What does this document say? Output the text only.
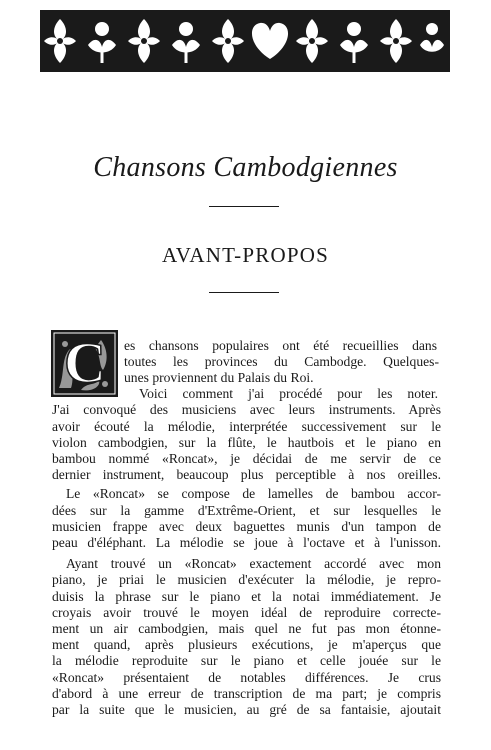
Chansons Cambodgiennes
AVANT-PROPOS
C es chansons populaires ont été recueillies dans

toutes les provinces du Cambodge. Quelques-

unes proviennent du Palais du Roi.

Voici comment j'ai procédé pour les noter.

J'ai convoqué des musiciens avec leurs instruments. Après

avoir écouté la mélodie, interprétée successivement sur le

violon cambodgien, sur la flûte, le hautbois et le piano en

bambou nommé «Roncat», je décidai de me servir de ce

dernier instrument, beaucoup plus perceptible à nos oreilles.

Le «Roncat» se compose de lamelles de bambou accor-

dées sur la gamme d'Extrême-Orient, et sur lesquelles le

musicien frappe avec deux baguettes munis d'un tampon de

peau d'éléphant. La mélodie se joue à l'octave et à l'unisson.

Ayant trouvé un «Roncat» exactement accordé avec mon

piano, je priai le musicien d'exécuter la mélodie, je repro-

duisis la phrase sur le piano et la notai immédiatement. Je

croyais avoir trouvé le moyen idéal de reproduire correcte-

ment un air cambodgien, mais quel ne fut pas mon étonne-

ment quand, après plusieurs exécutions, je m'aperçus que

la mélodie reproduite sur le piano et celle jouée sur le

«Roncat» présentaient de notables différences. Je crus

d'abord à une erreur de transcription de ma part; je compris

par la suite que le musicien, au gré de sa fantaisie, ajoutait
